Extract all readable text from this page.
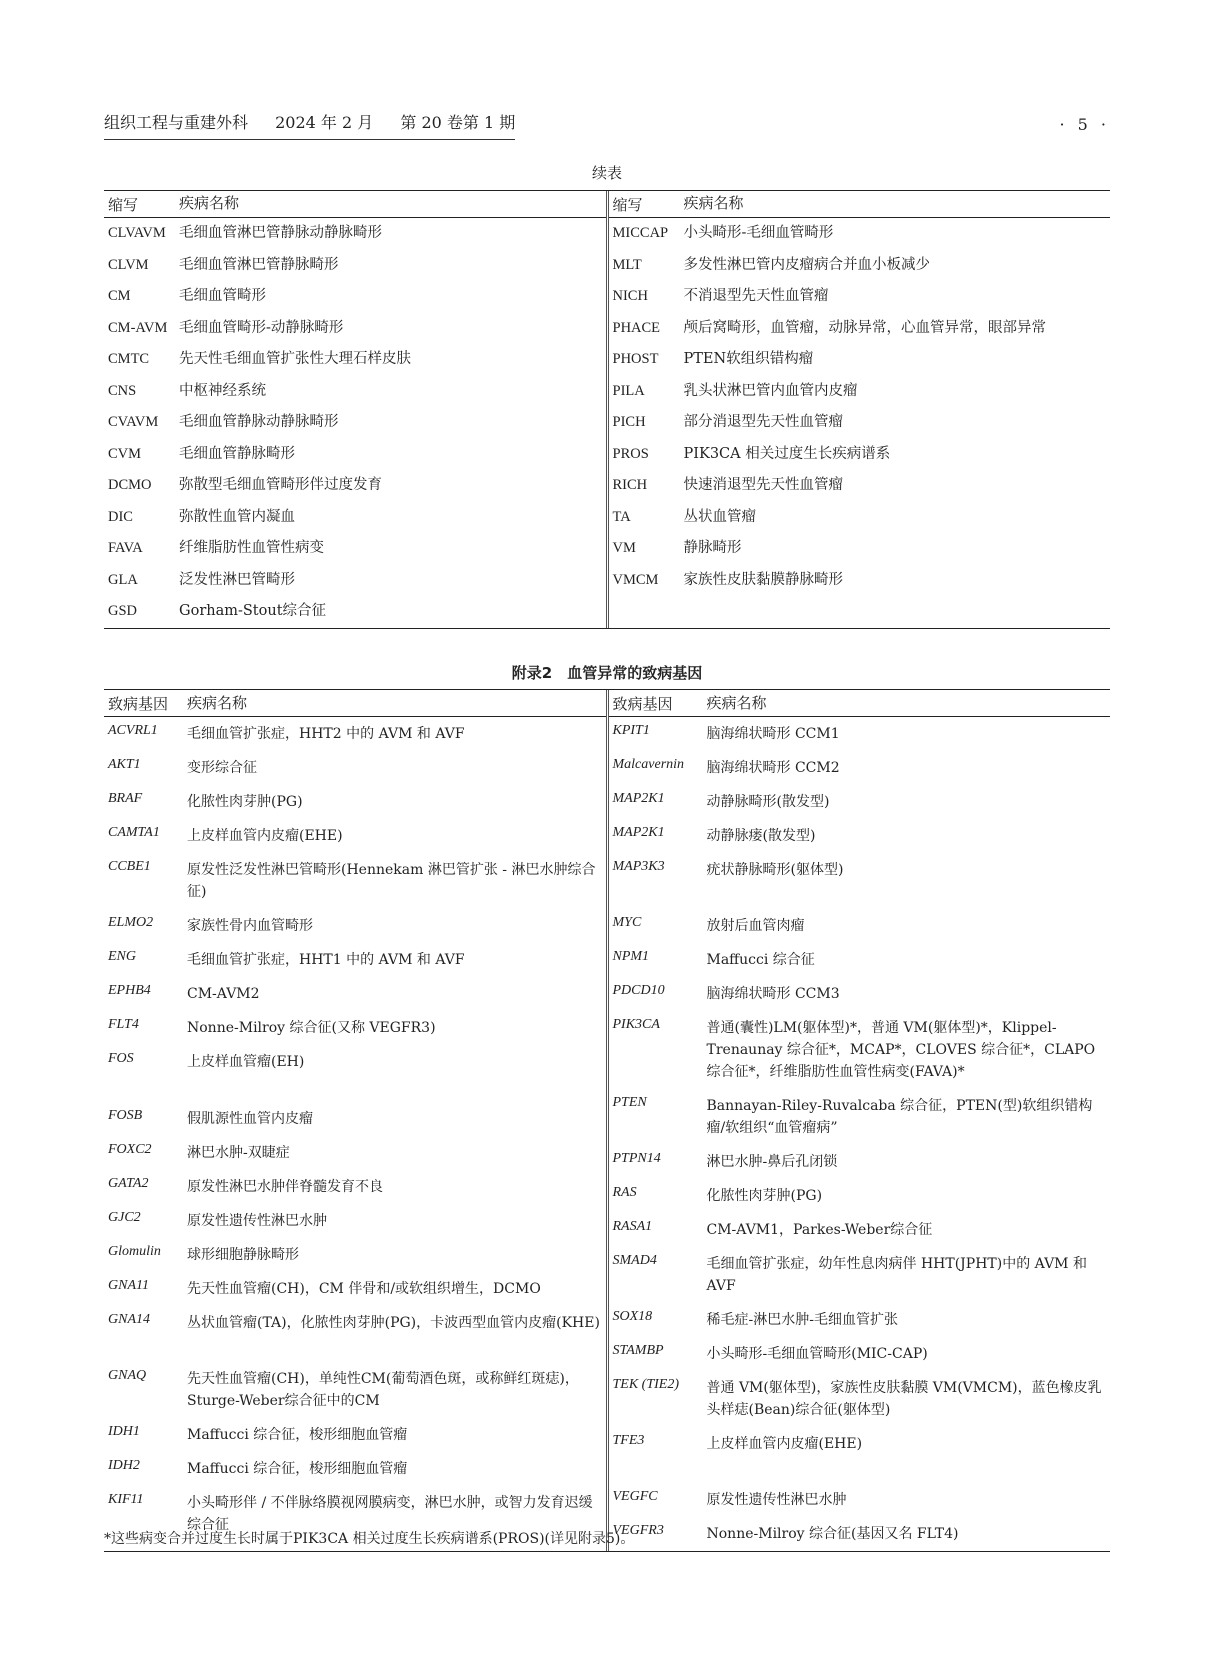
组织工程与重建外科 2024 年 2 月 第 20 卷第 1 期	· 5 ·
续表
缩写	疾病名称
CLVAVM 毛细血管淋巴管静脉动静脉畸形
CLVM	毛细血管淋巴管静脉畸形
CM	毛细血管畸形
CM-AVM 毛细血管畸形-动静脉畸形
CMTC	先天性毛细血管扩张性大理石样皮肤
CNS	中枢神经系统
CVAVM	毛细血管静脉动静脉畸形
CVM	毛细血管静脉畸形
DCMO	弥散型毛细血管畸形伴过度发育
DIC	弥散性血管内凝血
FAVA	纤维脂肪性血管性病变
GLA	泛发性淋巴管畸形
GSD	Gorham-Stout综合征
缩写	疾病名称
MICCAP	小头畸形-毛细血管畸形
MLT	多发性淋巴管内皮瘤病合并血小板减少
NICH	不消退型先天性血管瘤
PHACE	颅后窝畸形，血管瘤，动脉异常，心血管异常，眼部异常
PHOST	PTEN软组织错构瘤
PILA	乳头状淋巴管内血管内皮瘤
PICH	部分消退型先天性血管瘤
PROS	PIK3CA 相关过度生长疾病谱系
RICH	快速消退型先天性血管瘤
TA	丛状血管瘤
VM	静脉畸形
VMCM	家族性皮肤黏膜静脉畸形
附录2　血管异常的致病基因
致病基因	疾病名称
ACVRL1	毛细血管扩张症，HHT2 中的 AVM 和 AVF
AKT1	变形综合征
BRAF	化脓性肉芽肿(PG)
CAMTA1	上皮样血管内皮瘤(EHE)
CCBE1	原发性泛发性淋巴管畸形(Hennekam 淋巴管扩张 - 淋巴水肿综合征)
ELMO2	家族性骨内血管畸形
ENG	毛细血管扩张症，HHT1 中的 AVM 和 AVF
EPHB4	CM-AVM2
FLT4	Nonne-Milroy 综合征(又称 VEGFR3)
FOS	上皮样血管瘤(EH)
FOSB	假肌源性血管内皮瘤
FOXC2	淋巴水肿-双睫症
GATA2	原发性淋巴水肿伴脊髓发育不良
GJC2	原发性遗传性淋巴水肿
Glomulin	球形细胞静脉畸形
GNA11	先天性血管瘤(CH)，CM 伴骨和/或软组织增生，DCMO
GNA14	丛状血管瘤(TA)，化脓性肉芽肿(PG)，卡波西型血管内皮瘤(KHE)
GNAQ	先天性血管瘤(CH)，单纯性CM(葡萄酒色斑，或称鲜红斑痣)，Sturge-Weber综合征中的CM
IDH1	Maffucci 综合征，梭形细胞血管瘤
IDH2	Maffucci 综合征，梭形细胞血管瘤
KIF11	小头畸形伴 / 不伴脉络膜视网膜病变，淋巴水肿，或智力发育迟缓综合征
致病基因	疾病名称
KPIT1	脑海绵状畸形 CCM1
Malcavernin	脑海绵状畸形 CCM2
MAP2K1	动静脉畸形(散发型)
MAP2K1	动静脉瘘(散发型)
MAP3K3	疣状静脉畸形(躯体型)
MYC	放射后血管肉瘤
NPM1	Maffucci 综合征
PDCD10	脑海绵状畸形 CCM3
PIK3CA	普通(囊性)LM(躯体型)*，普通 VM(躯体型)*，Klippel-Trenaunay 综合征*，MCAP*，CLOVES 综合征*，CLAPO 综合征*，纤维脂肪性血管性病变(FAVA)*
PTEN	Bannayan-Riley-Ruvalcaba 综合征，PTEN(型)软组织错构瘤/软组织“血管瘤病”
PTPN14	淋巴水肿-鼻后孔闭锁
RAS	化脓性肉芽肿(PG)
RASA1	CM-AVM1，Parkes-Weber综合征
SMAD4	毛细血管扩张症，幼年性息肉病伴 HHT(JPHT)中的 AVM 和 AVF
SOX18	稀毛症-淋巴水肿-毛细血管扩张
STAMBP	小头畸形-毛细血管畸形(MIC-CAP)
TEK (TIE2)	普通 VM(躯体型)，家族性皮肤黏膜 VM(VMCM)，蓝色橡皮乳头样痣(Bean)综合征(躯体型)
TFE3	上皮样血管内皮瘤(EHE)
VEGFC	原发性遗传性淋巴水肿
VEGFR3	Nonne-Milroy 综合征(基因又名 FLT4)
*这些病变合并过度生长时属于PIK3CA 相关过度生长疾病谱系(PROS)(详见附录5)。
